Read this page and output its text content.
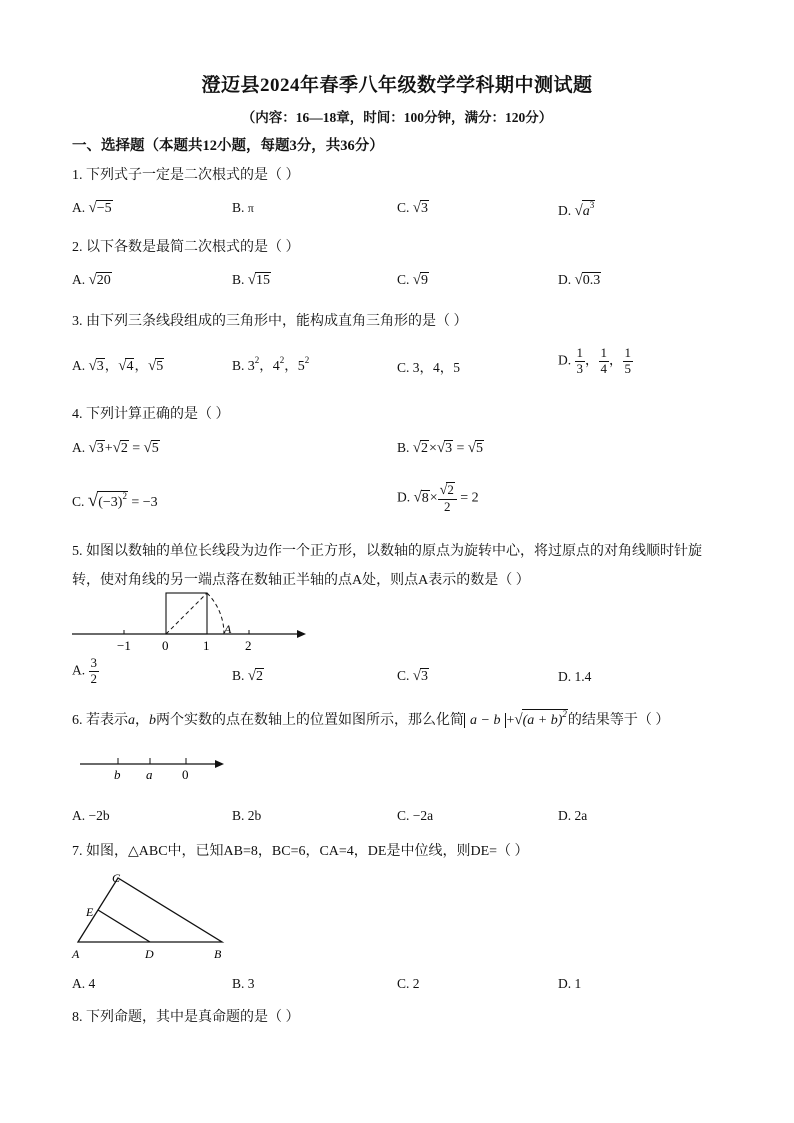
澄迈县2024年春季八年级数学学科期中测试题
（内容：16—18章，时间：100分钟，满分：120分）
一、选择题（本题共12小题，每题3分，共36分）
1. 下列式子一定是二次根式的是（ ）
A. √−5	B. π	C. √3	D. $√a^3$
2. 以下各数是最简二次根式的是（ ）
A. √20	B. √15	C. √9	D. √0.3
3. 由下列三条线段组成的三角形中，能构成直角三角形的是（ ）
A. √3，√4，√5	B. $3^2$，$4^2$，$5^2$	C. 3，4，5	D. $\frac{1}{3}$ ， $\frac{1}{4}$ ， $\frac{1}{5}$
4. 下列计算正确的是（ ）
A. √3+√2 = √5	B. √2×√3 = √5
C. $√(-3)^2 = -3$	D. $√8\times \frac{√2}{2} = 2$
5. 如图以数轴的单位长线段为边作一个正方形，以数轴的原点为旋转中心，将过原点的对角线顺时针旋
转，使对角线的另一端点落在数轴正半轴的点A处，则点A表示的数是（ ）
−1 0	1	2
A
A. $\frac{3}{2}$	B. √2	C. √3	D. 1.4
6. 若表示a，b两个实数的点在数轴上的位置如图所示，那么化简 $a - b +√(a + b)^2$的结果等于（ ）
b a 0
A. −2b	B. 2b	C. −2a	D. 2a
7. 如图，△ABC中，已知AB=8，BC=6，CA=4，DE是中位线，则DE=（ ）
A	B
C
D
E
A. 4	B. 3	C. 2	D. 1
8. 下列命题，其中是真命题的是（ ）
